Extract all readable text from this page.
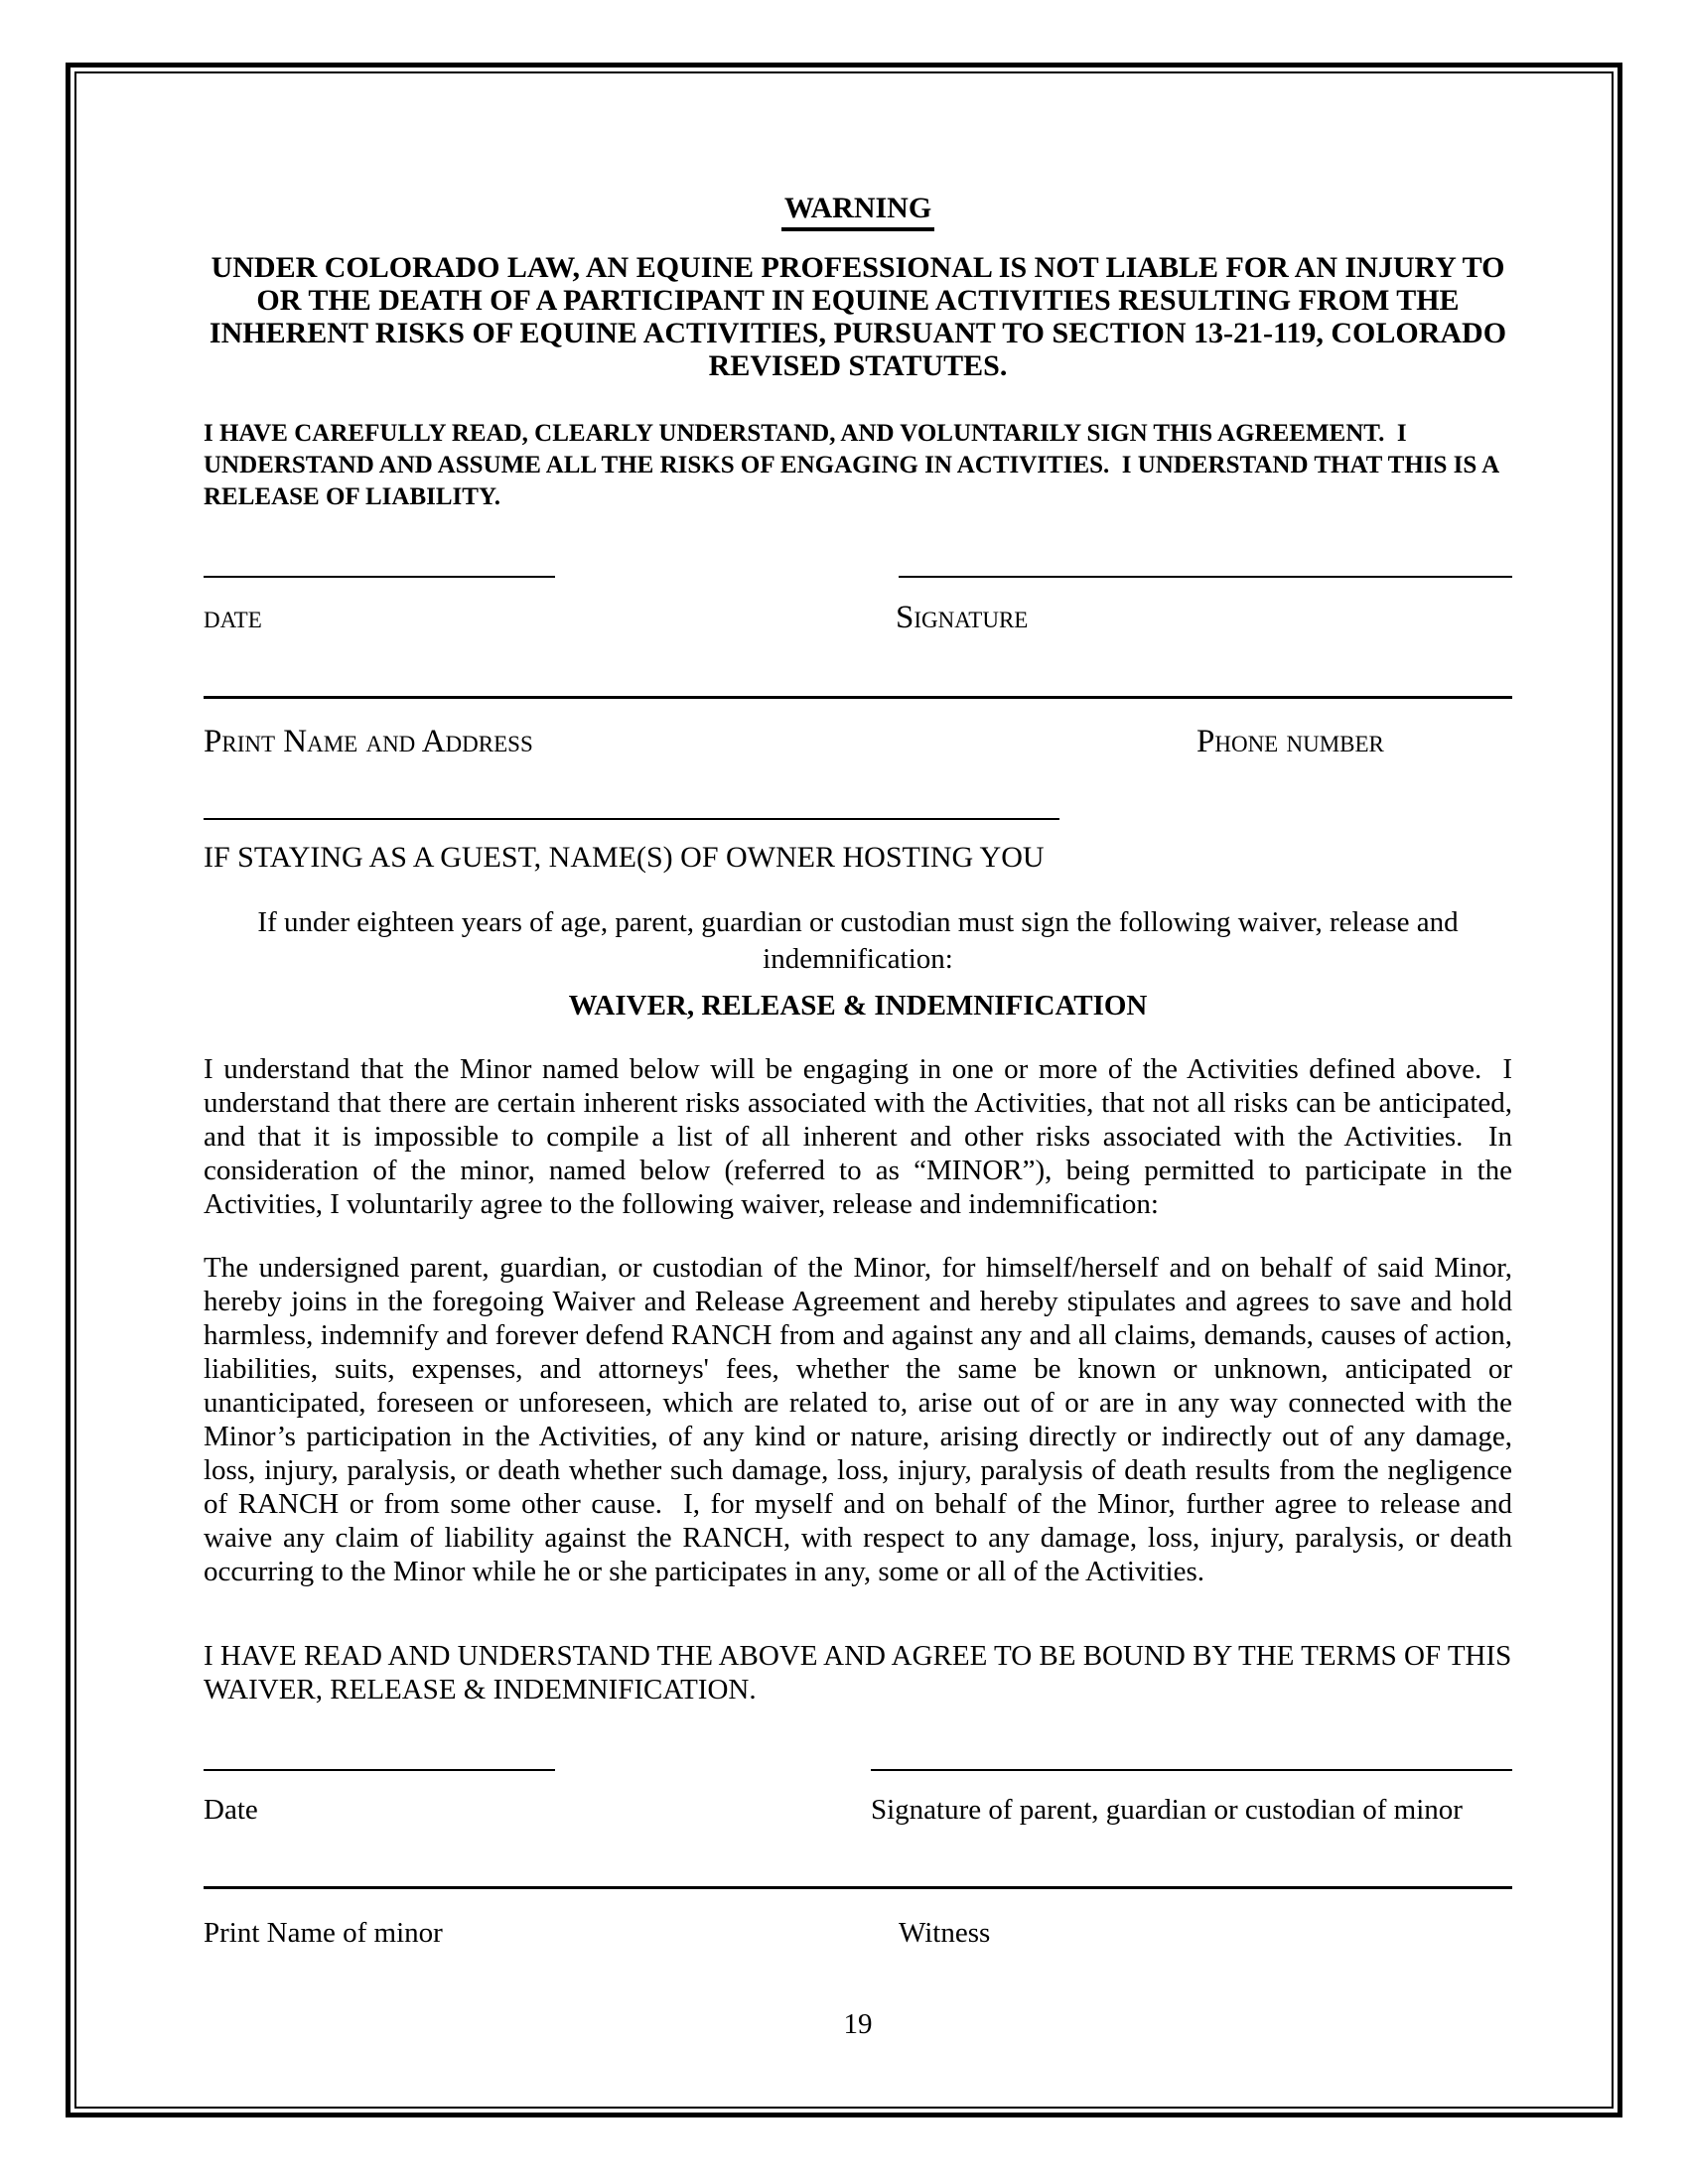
WARNING
UNDER COLORADO LAW, AN EQUINE PROFESSIONAL IS NOT LIABLE FOR AN INJURY TO OR THE DEATH OF A PARTICIPANT IN EQUINE ACTIVITIES RESULTING FROM THE INHERENT RISKS OF EQUINE ACTIVITIES, PURSUANT TO SECTION 13-21-119, COLORADO REVISED STATUTES.
I HAVE CAREFULLY READ, CLEARLY UNDERSTAND, AND VOLUNTARILY SIGN THIS AGREEMENT.  I UNDERSTAND AND ASSUME ALL THE RISKS OF ENGAGING IN ACTIVITIES.  I UNDERSTAND THAT THIS IS A RELEASE OF LIABILITY.
date	Signature
Print Name and Address	Phone number
IF STAYING AS A GUEST, NAME(S) OF OWNER HOSTING YOU
If under eighteen years of age, parent, guardian or custodian must sign the following waiver, release and indemnification:
WAIVER, RELEASE & INDEMNIFICATION
I understand that the Minor named below will be engaging in one or more of the Activities defined above.  I understand that there are certain inherent risks associated with the Activities, that not all risks can be anticipated, and that it is impossible to compile a list of all inherent and other risks associated with the Activities.  In consideration of the minor, named below (referred to as “MINOR”), being permitted to participate in the Activities, I voluntarily agree to the following waiver, release and indemnification:
The undersigned parent, guardian, or custodian of the Minor, for himself/herself and on behalf of said Minor, hereby joins in the foregoing Waiver and Release Agreement and hereby stipulates and agrees to save and hold harmless, indemnify and forever defend RANCH from and against any and all claims, demands, causes of action, liabilities, suits, expenses, and attorneys' fees, whether the same be known or unknown, anticipated or unanticipated, foreseen or unforeseen, which are related to, arise out of or are in any way connected with the Minor’s participation in the Activities, of any kind or nature, arising directly or indirectly out of any damage, loss, injury, paralysis, or death whether such damage, loss, injury, paralysis of death results from the negligence of RANCH or from some other cause.  I, for myself and on behalf of the Minor, further agree to release and waive any claim of liability against the RANCH, with respect to any damage, loss, injury, paralysis, or death occurring to the Minor while he or she participates in any, some or all of the Activities.
I HAVE READ AND UNDERSTAND THE ABOVE AND AGREE TO BE BOUND BY THE TERMS OF THIS WAIVER, RELEASE & INDEMNIFICATION.
Date	Signature of parent, guardian or custodian of minor
Print Name of minor	Witness
19
